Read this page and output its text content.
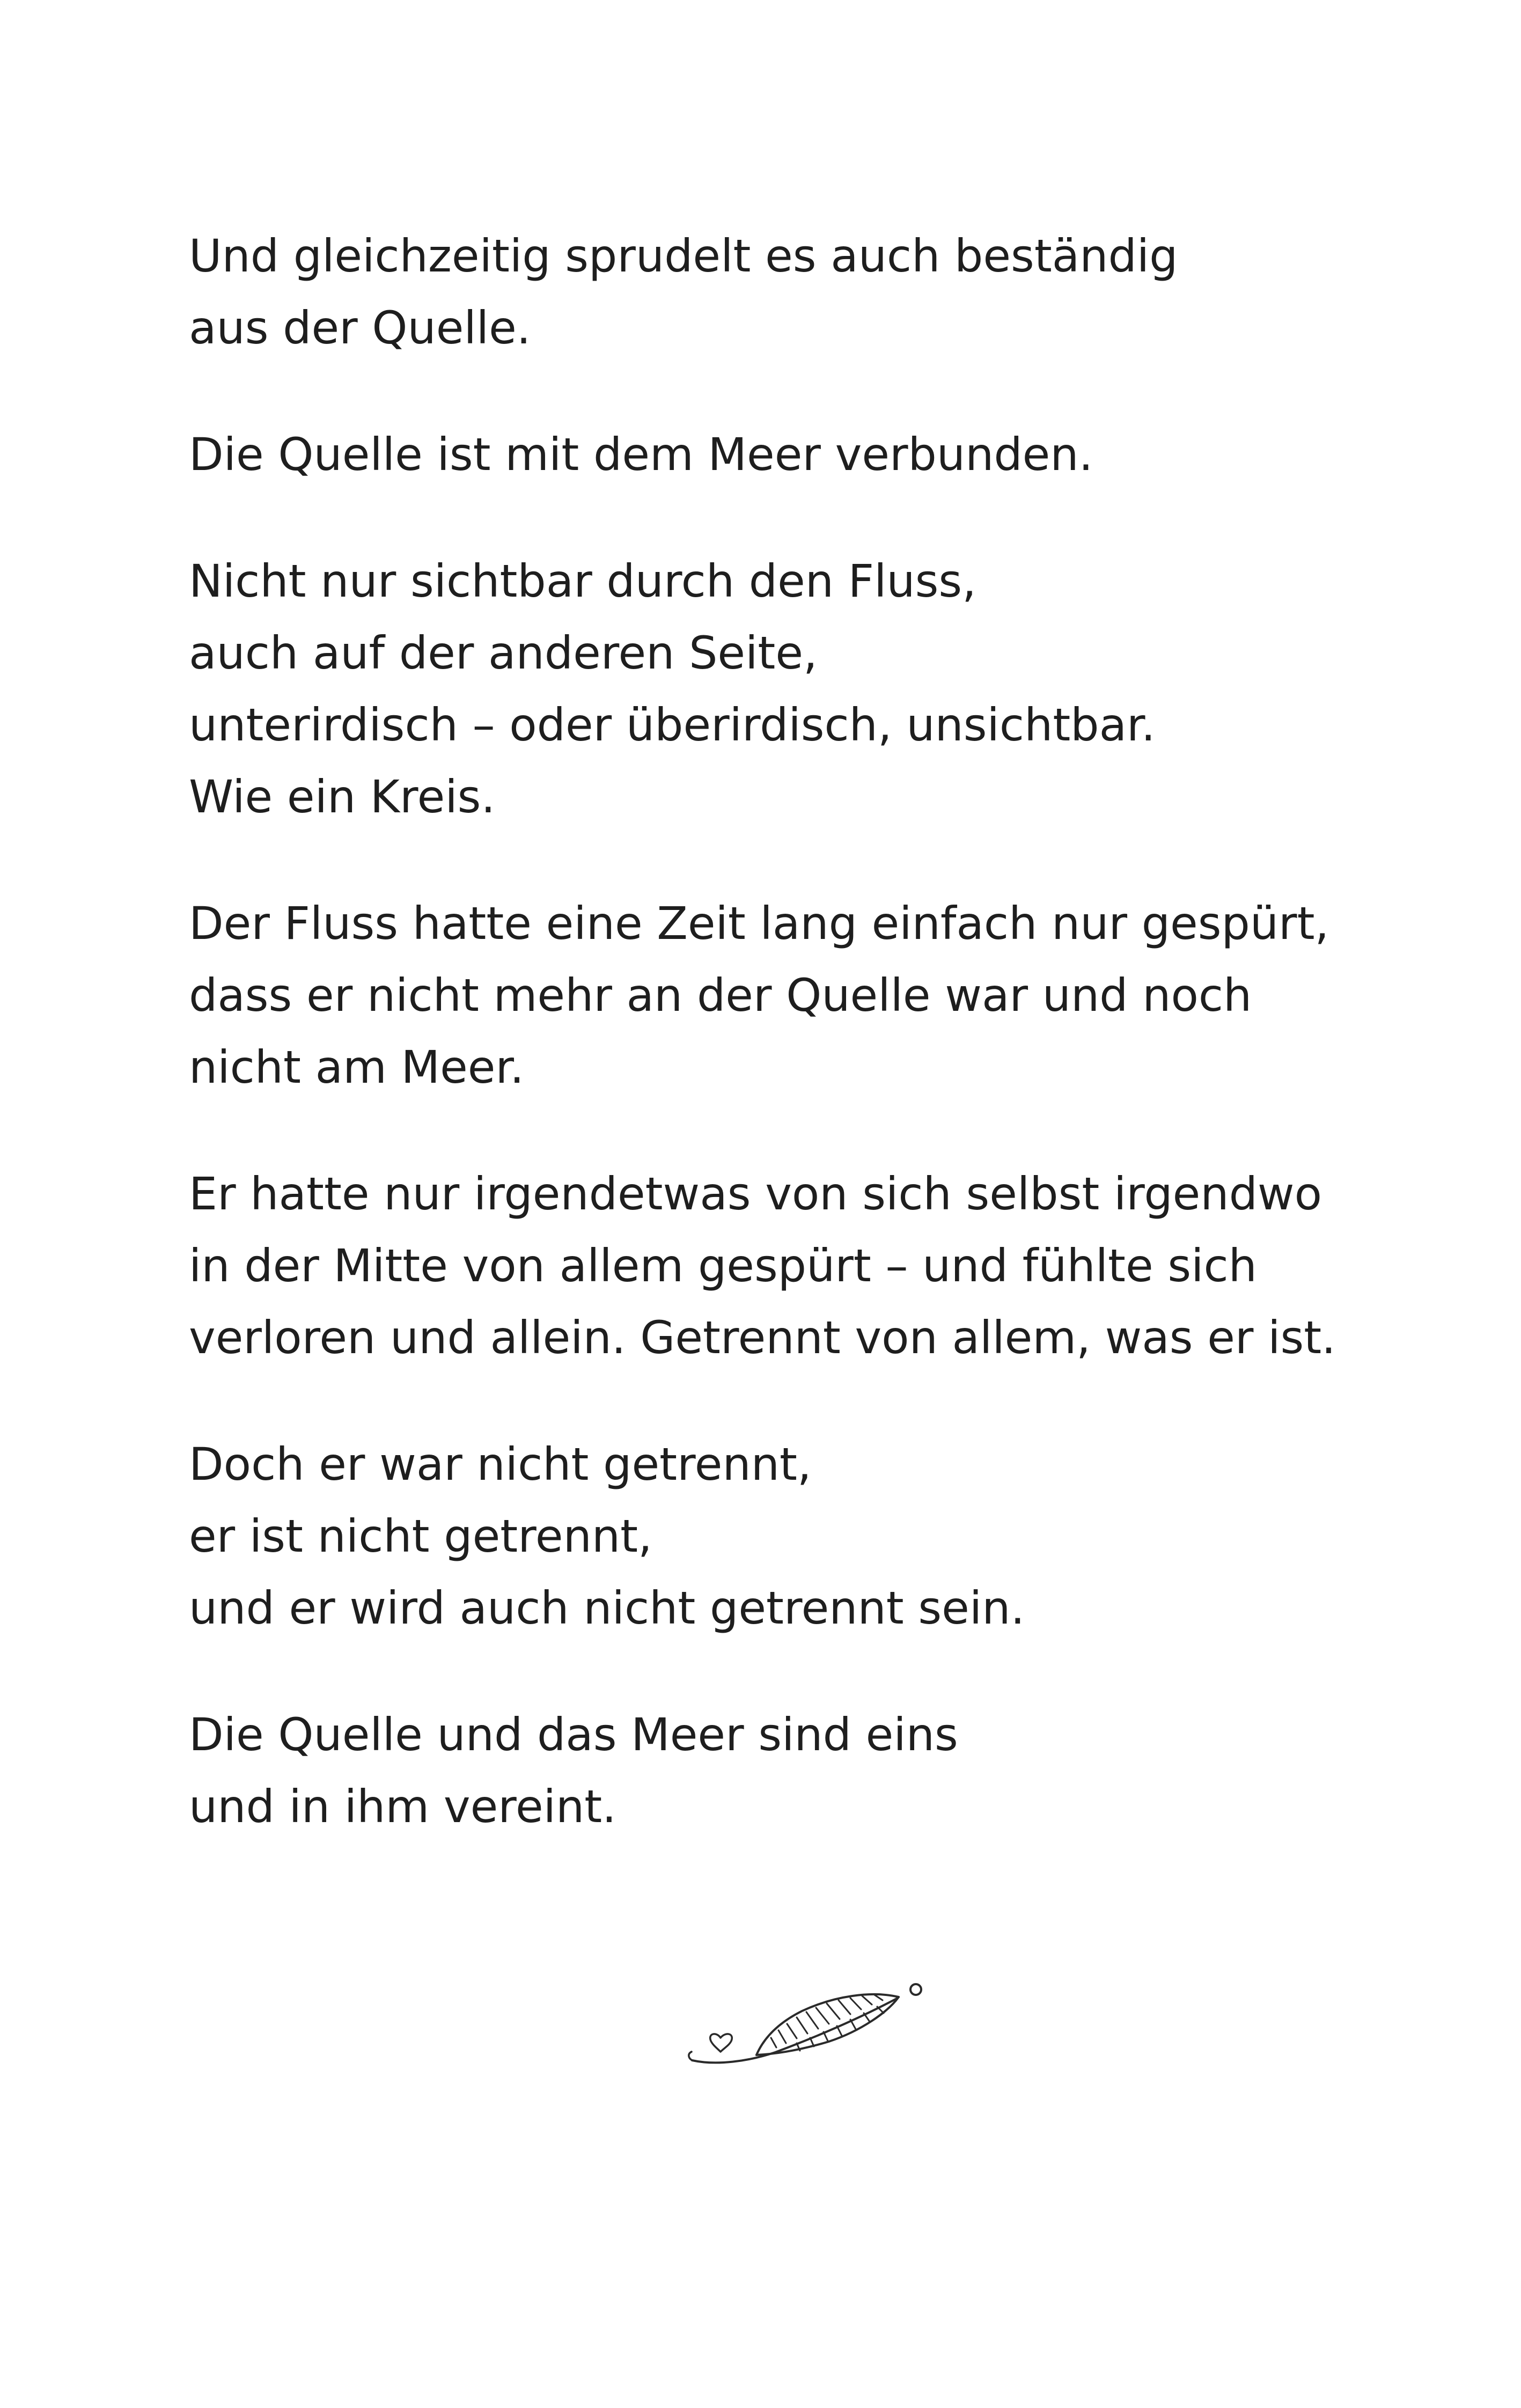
Und gleichzeitig sprudelt es auch beständig
aus der Quelle.

Die Quelle ist mit dem Meer verbunden.

Nicht nur sichtbar durch den Fluss,
auch auf der anderen Seite,
unterirdisch – oder überirdisch, unsichtbar.
Wie ein Kreis.

Der Fluss hatte eine Zeit lang einfach nur gespürt,
dass er nicht mehr an der Quelle war und noch
nicht am Meer.

Er hatte nur irgendetwas von sich selbst irgendwo
in der Mitte von allem gespürt – und fühlte sich
verloren und allein. Getrennt von allem, was er ist.

Doch er war nicht getrennt,
er ist nicht getrennt,
und er wird auch nicht getrennt sein.

Die Quelle und das Meer sind eins
und in ihm vereint.
